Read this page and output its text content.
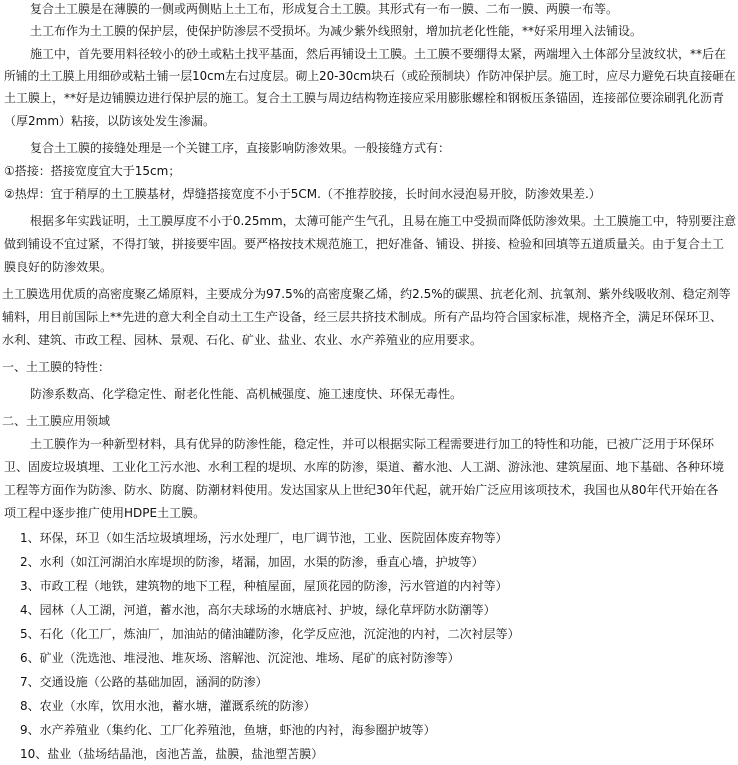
复合土工膜是在薄膜的一侧或两侧贴上土工布，形成复合土工膜。其形式有一布一膜、二布一膜、两膜一布等。
土工布作为土工膜的保护层，使保护防渗层不受损坏。为减少紫外线照射，增加抗老化性能，**好采用埋入法铺设。
施工中，首先要用料径较小的砂土或粘土找平基面，然后再铺设土工膜。土工膜不要绷得太紧，两端埋入土体部分呈波纹状，**后在
所铺的土工膜上用细砂或粘土铺一层10cm左右过度层。砌上20-30cm块石（或砼预制块）作防冲保护层。施工时，应尽力避免石块直接砸在
土工膜上，**好是边铺膜边进行保护层的施工。复合土工膜与周边结构物连接应采用膨胀螺栓和钢板压条锚固，连接部位要涂刷乳化沥青
（厚2mm）粘接，以防该处发生渗漏。
复合土工膜的接缝处理是一个关键工序，直接影响防渗效果。一般接缝方式有：
①搭接：搭接宽度宜大于15cm；
②热焊：宜于稍厚的土工膜基材，焊缝搭接宽度不小于5CM.（不推荐胶接，长时间水浸泡易开胶，防渗效果差.）
根据多年实践证明，土工膜厚度不小于0.25mm，太薄可能产生气孔，且易在施工中受损而降低防渗效果。土工膜施工中，特别要注意
做到铺设不宜过紧，不得打皱，拼接要牢固。要严格按技术规范施工，把好准备、铺设、拼接、检验和回填等五道质量关。由于复合土工
膜良好的防渗效果。
土工膜选用优质的高密度聚乙烯原料，主要成分为97.5%的高密度聚乙烯，约2.5%的碳黑、抗老化剂、抗氧剂、紫外线吸收剂、稳定剂等
辅料，用目前国际上**先进的意大利全自动土工生产设备，经三层共挤技术制成。所有产品均符合国家标准，规格齐全，满足环保环卫、
水利、建筑、市政工程、园林、景观、石化、矿业、盐业、农业、水产养殖业的应用要求。
一、土工膜的特性：
防渗系数高、化学稳定性、耐老化性能、高机械强度、施工速度快、环保无毒性。
二、土工膜应用领域
土工膜作为一种新型材料，具有优异的防渗性能，稳定性，并可以根据实际工程需要进行加工的特性和功能，已被广泛用于环保环
卫、固废垃圾填埋、工业化工污水池、水利工程的堤坝、水库的防渗，渠道、蓄水池、人工湖、游泳池、建筑屋面、地下基础、各种环境
工程等方面作为防渗、防水、防腐、防潮材料使用。发达国家从上世纪30年代起，就开始广泛应用该项技术，我国也从80年代开始在各
项工程中逐步推广使用HDPE土工膜。
1、环保，环卫（如生活垃圾填埋场，污水处理厂，电厂调节池，工业、医院固体废弃物等）
2、水利（如江河湖泊水库堤坝的防渗，堵漏，加固，水渠的防渗，垂直心墙，护坡等）
3、市政工程（地铁，建筑物的地下工程，种植屋面，屋顶花园的防渗，污水管道的内衬等）
4、园林（人工湖，河道，蓄水池，高尔夫球场的水塘底衬、护坡，绿化草坪防水防潮等）
5、石化（化工厂，炼油厂，加油站的储油罐防渗，化学反应池，沉淀池的内衬，二次衬层等）
6、矿业（洗选池、堆浸池、堆灰场、溶解池、沉淀池、堆场、尾矿的底衬防渗等）
7、交通设施（公路的基础加固，涵洞的防渗）
8、农业（水库，饮用水池，蓄水塘，灌溉系统的防渗）
9、水产养殖业（集约化、工厂化养殖池，鱼塘，虾池的内衬，海参圈护坡等）
10、盐业（盐场结晶池，卤池苫盖，盐膜，盐池塑苫膜）
